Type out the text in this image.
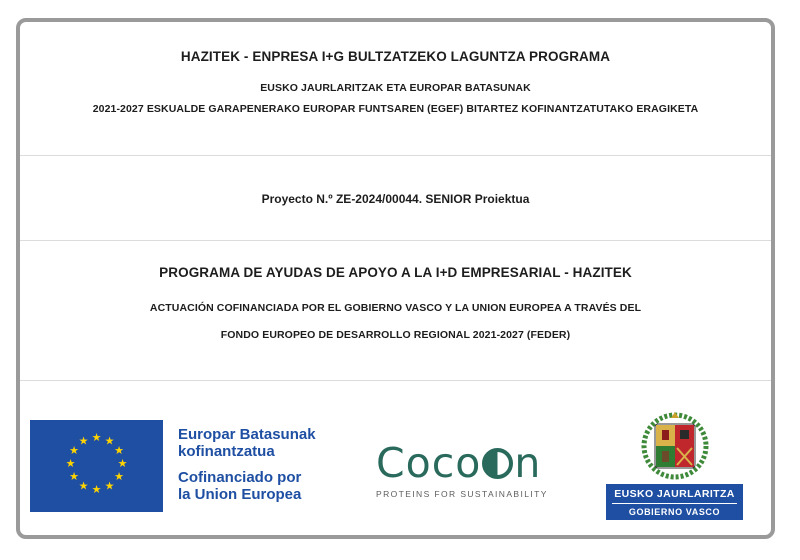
HAZITEK - ENPRESA I+G BULTZATZEKO LAGUNTZA PROGRAMA
EUSKO JAURLARITZAK ETA EUROPAR BATASUNAK
2021-2027 ESKUALDE GARAPENERAKO EUROPAR FUNTSAREN (EGEF) BITARTEZ KOFINANTZATUTAKO ERAGIKETA
Proyecto N.º ZE-2024/00044. SENIOR Proiektua
PROGRAMA DE AYUDAS DE APOYO A LA I+D EMPRESARIAL - HAZITEK
ACTUACIÓN COFINANCIADA POR EL GOBIERNO VASCO Y LA UNION EUROPEA A TRAVÉS DEL
FONDO EUROPEO DE DESARROLLO REGIONAL 2021-2027 (FEDER)
★ ★
★
★
★
★
★
★
★
★
★
★	Europar Batasunak
kofinantzatua
Cofinanciado por
la Union Europea
Coco n
PROTEINS FOR SUSTAINABILITY	EUSKO JAURLARITZA
GOBIERNO VASCO
